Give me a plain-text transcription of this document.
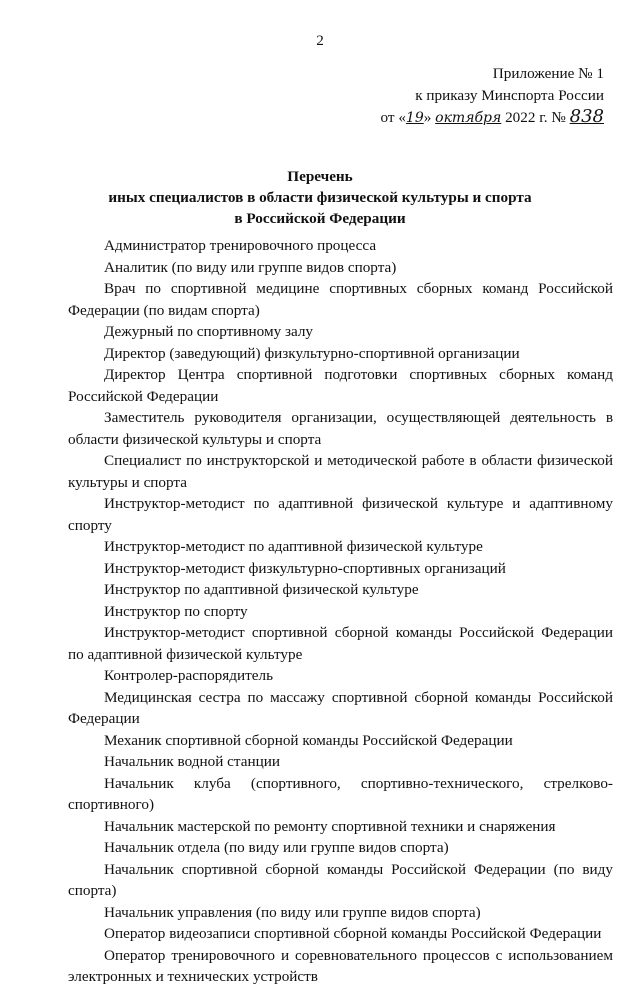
2
Приложение № 1
к приказу Минспорта России
от «19» октября 2022 г. № 838
Перечень
иных специалистов в области физической культуры и спорта
в Российской Федерации

Администратор тренировочного процесса

Аналитик (по виду или группе видов спорта)

Врач по спортивной медицине спортивных сборных команд Российской Федерации (по видам спорта)

Дежурный по спортивному залу

Директор (заведующий) физкультурно-спортивной организации

Директор Центра спортивной подготовки спортивных сборных команд Российской Федерации

Заместитель руководителя организации, осуществляющей деятельность в области физической культуры и спорта

Специалист по инструкторской и методической работе в области физической культуры и спорта

Инструктор-методист по адаптивной физической культуре и адаптивному спорту

Инструктор-методист по адаптивной физической культуре

Инструктор-методист физкультурно-спортивных организаций

Инструктор по адаптивной физической культуре

Инструктор по спорту

Инструктор-методист спортивной сборной команды Российской Федерации по адаптивной физической культуре

Контролер-распорядитель

Медицинская сестра по массажу спортивной сборной команды Российской Федерации

Механик спортивной сборной команды Российской Федерации

Начальник водной станции

Начальник клуба (спортивного, спортивно-технического, стрелково-спортивного)

Начальник мастерской по ремонту спортивной техники и снаряжения

Начальник отдела (по виду или группе видов спорта)

Начальник спортивной сборной команды Российской Федерации (по виду спорта)

Начальник управления (по виду или группе видов спорта)

Оператор видеозаписи спортивной сборной команды Российской Федерации

Оператор тренировочного и соревновательного процессов с использованием электронных и технических устройств
